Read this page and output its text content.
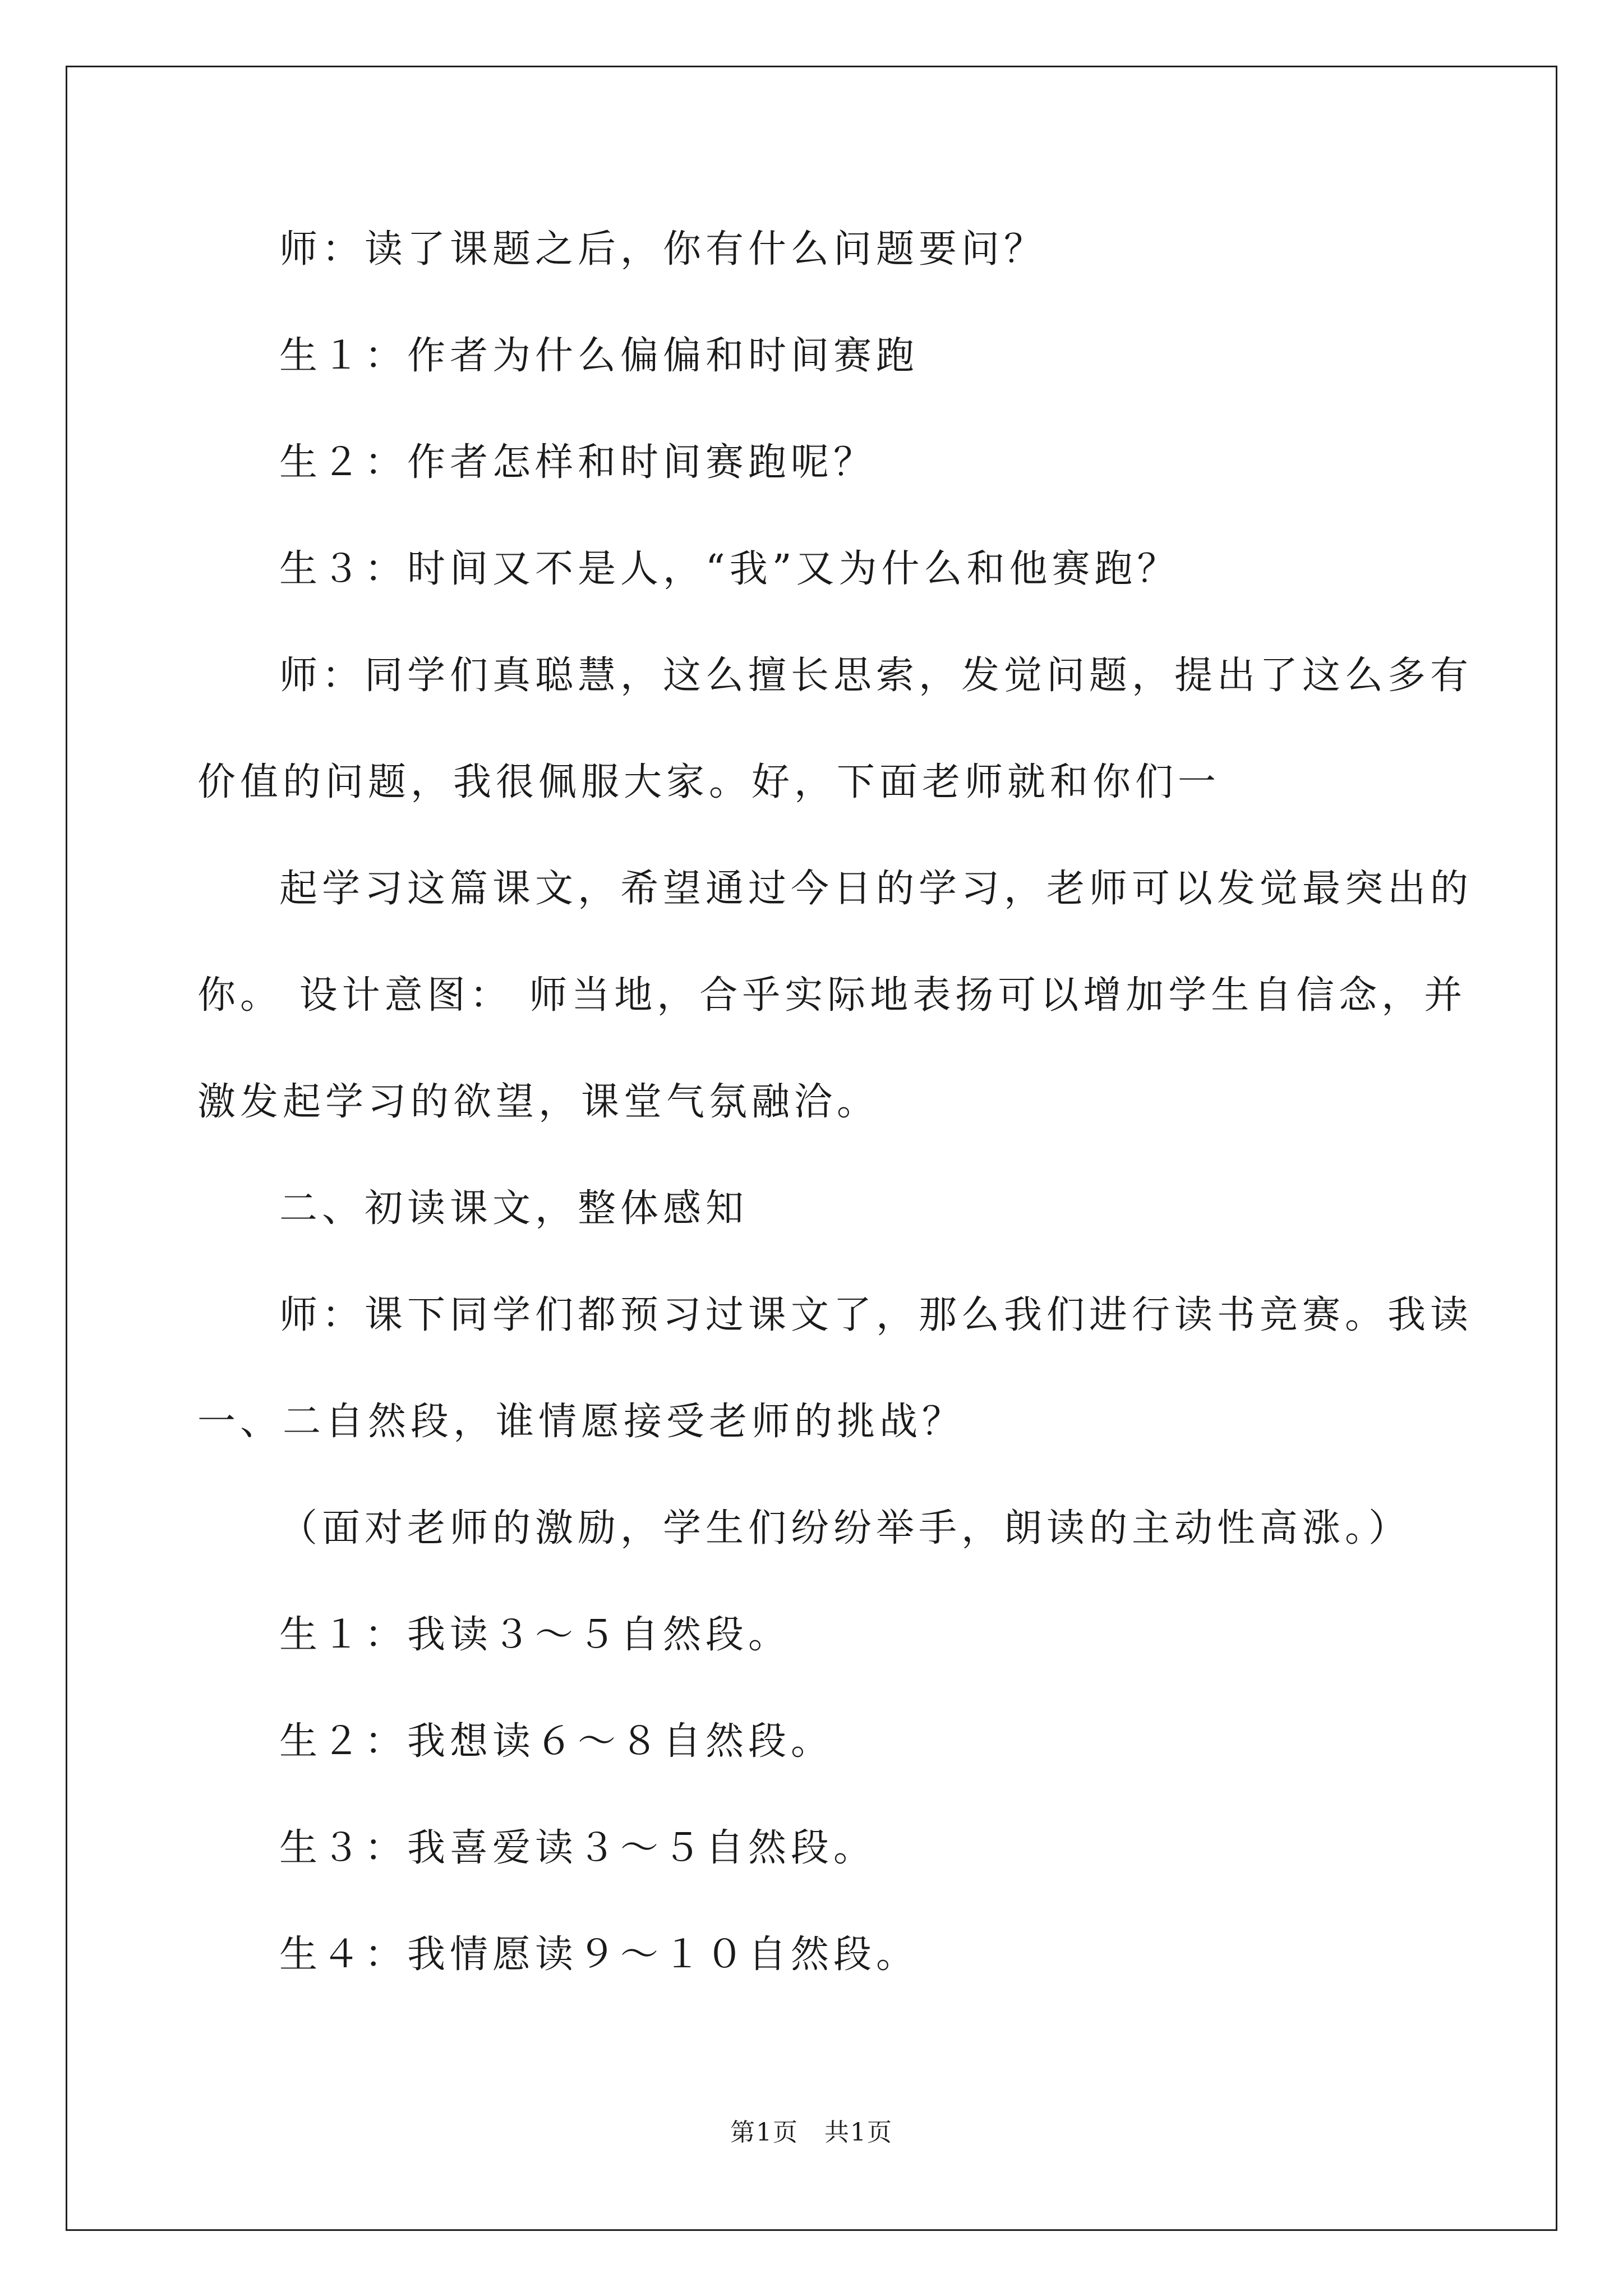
师：读了课题之后，你有什么问题要问？
生１：作者为什么偏偏和时间赛跑
生２：作者怎样和时间赛跑呢？
生３：时间又不是人，“我”又为什么和他赛跑？
师：同学们真聪慧，这么擅长思索，发觉问题，提出了这么多有
价值的问题，我很佩服大家。好，下面老师就和你们一
起学习这篇课文，希望通过今日的学习，老师可以发觉最突出的
你。 设计意图： 师当地，合乎实际地表扬可以增加学生自信念，并
激发起学习的欲望，课堂气氛融洽。
二、初读课文，整体感知
师：课下同学们都预习过课文了，那么我们进行读书竞赛。我读
一、二自然段，谁情愿接受老师的挑战？
（面对老师的激励，学生们纷纷举手，朗读的主动性高涨。）
生１：我读３～５自然段。
生２：我想读６～８自然段。
生３：我喜爱读３～５自然段。
生４：我情愿读９～１０自然段。
第1页　共1页
